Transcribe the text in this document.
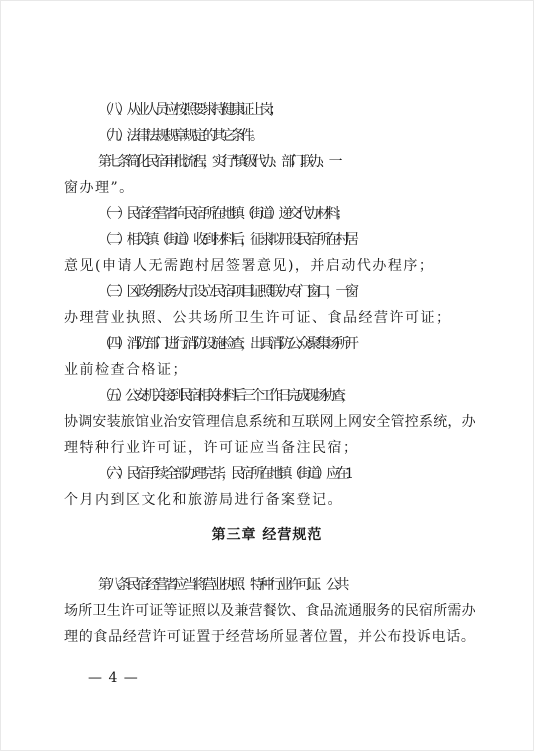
（八）从业人员应按照要求持健康证上岗；
（九）法律法规规章规定的其它条件。
第七条 简化民宿审批流程，实行“镇级代办、部门联办、一
窗办理”。
（一）民宿经营者向民宿所在地镇（街道）递交代办材料；
（二）相关镇（街道）收到材料后，征求拟开设民宿所在村居
意见(申请人无需跑村居签署意见)，并启动代办程序；
（三）区政务服务大厅设立民宿项目证照联办专门窗口，一窗
办理营业执照、公共场所卫生许可证、食品经营许可证；
（四）消防部门进行消防设施检查，出具消防公众聚集场所开
业前检查合格证；
（五）公安机关接到民宿相关材料后三个工作日完成现场协查，
协调安装旅馆业治安管理信息系统和互联网上网安全管控系统，办
理特种行业许可证，许可证应当备注民宿；
（六）民宿手续全部办理完毕，民宿所在地镇（街道）应在 1
个月内到区文化和旅游局进行备案登记。
第三章 经营规范
第八条 民宿经营者应当将营业执照、特种行业许可证、公共
场所卫生许可证等证照以及兼营餐饮、食品流通服务的民宿所需办
理的食品经营许可证置于经营场所显著位置，并公布投诉电话。
— 4 —
